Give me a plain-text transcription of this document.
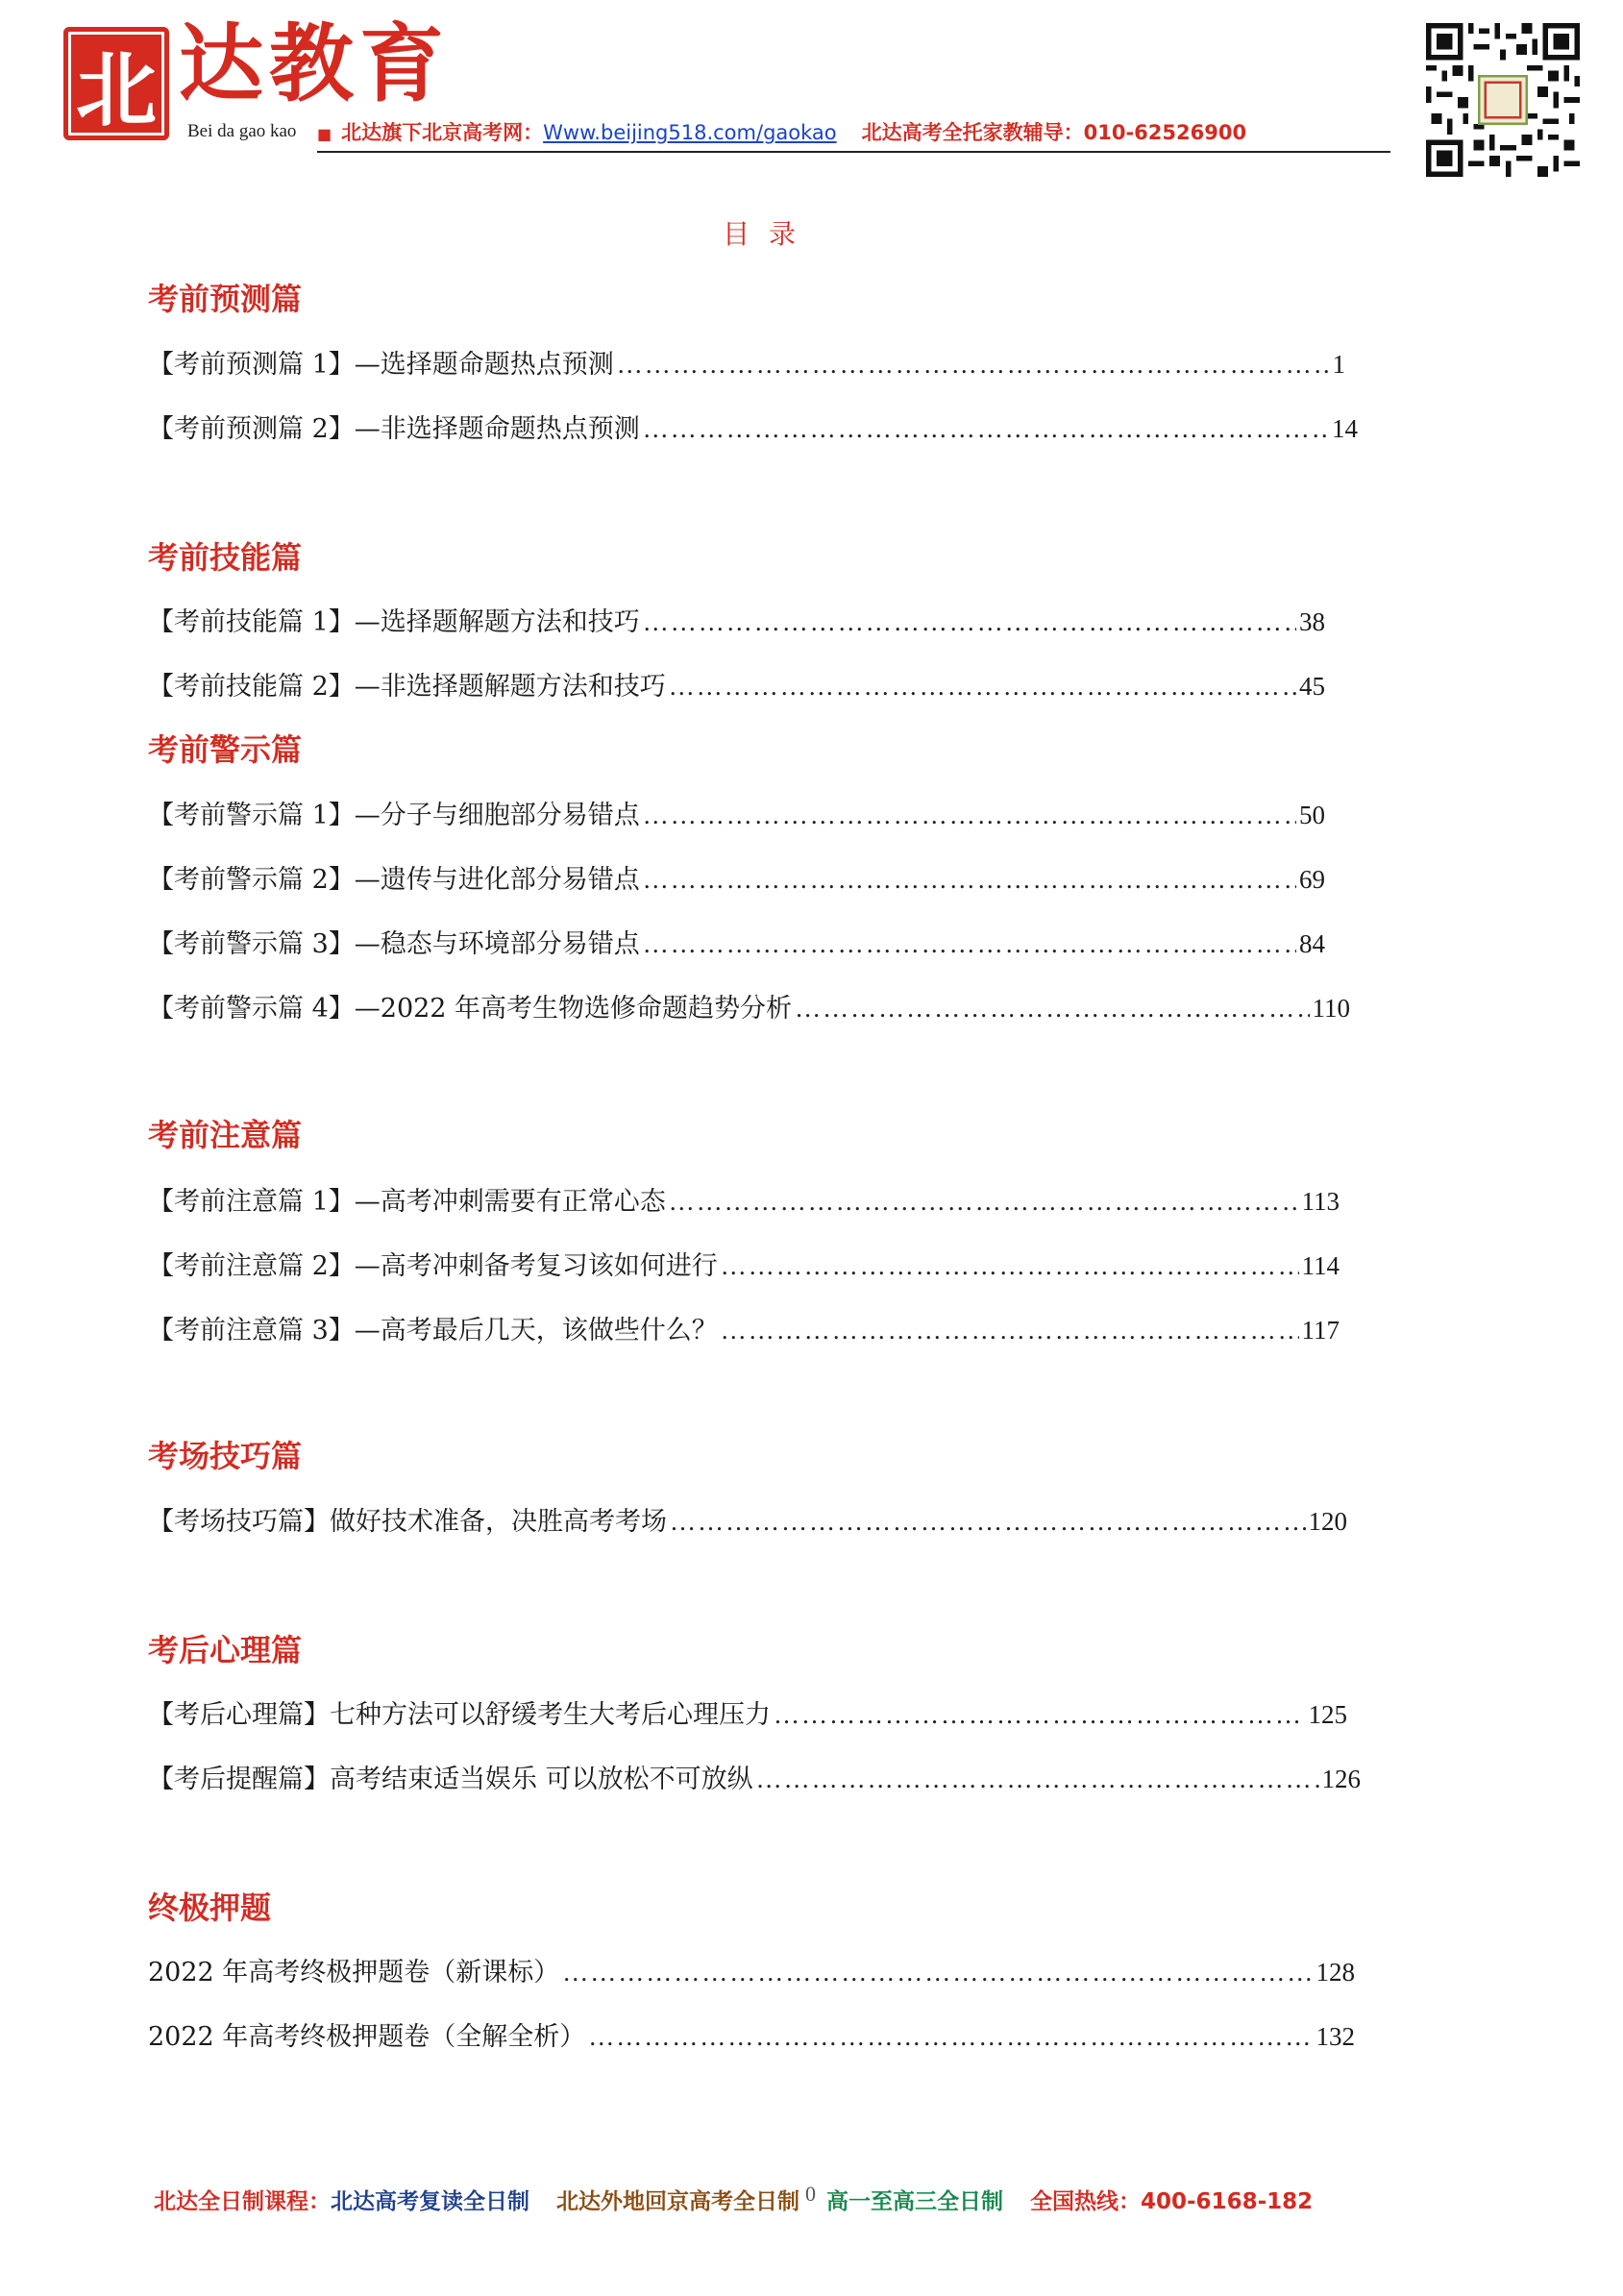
北 达教育
Bei da gao kao ■ 北达旗下北京高考网：Www.beijing518.com/gaokao 北达高考全托家教辅导：010-62526900
目录
考前预测篇
【考前预测篇 1】—选择题命题热点预测 ……………………………………………………………………………………………………………………………………………………………………………………………………	1
【考前预测篇 2】—非选择题命题热点预测 ……………………………………………………………………………………………………………………………………………………………………………………………………	14
考前技能篇
【考前技能篇 1】—选择题解题方法和技巧 ……………………………………………………………………………………………………………………………………………………………………………………………………	38
【考前技能篇 2】—非选择题解题方法和技巧 ……………………………………………………………………………………………………………………………………………………………………………………………………	45
考前警示篇
【考前警示篇 1】—分子与细胞部分易错点 ……………………………………………………………………………………………………………………………………………………………………………………………………	50
【考前警示篇 2】—遗传与进化部分易错点 ……………………………………………………………………………………………………………………………………………………………………………………………………	69
【考前警示篇 3】—稳态与环境部分易错点 ……………………………………………………………………………………………………………………………………………………………………………………………………	84
【考前警示篇 4】—2022 年高考生物选修命题趋势分析 ……………………………………………………………………………………………………………………………………………………………………………………………………	110
考前注意篇
【考前注意篇 1】—高考冲刺需要有正常心态 ……………………………………………………………………………………………………………………………………………………………………………………………………	113
【考前注意篇 2】—高考冲刺备考复习该如何进行 ……………………………………………………………………………………………………………………………………………………………………………………………………	114
【考前注意篇 3】—高考最后几天，该做些什么？ ……………………………………………………………………………………………………………………………………………………………………………………………………	117
考场技巧篇
【考场技巧篇】做好技术准备，决胜高考考场 ……………………………………………………………………………………………………………………………………………………………………………………………………	120
考后心理篇
【考后心理篇】七种方法可以舒缓考生大考后心理压力 ……………………………………………………………………………………………………………………………………………………………………………………………………	125
【考后提醒篇】高考结束适当娱乐 可以放松不可放纵 ……………………………………………………………………………………………………………………………………………………………………………………………………	126
终极押题
2022 年高考终极押题卷（新课标） ……………………………………………………………………………………………………………………………………………………………………………………………………	128
2022 年高考终极押题卷（全解全析） ……………………………………………………………………………………………………………………………………………………………………………………………………	132
0
北达全日制课程：北达高考复读全日制 北达外地回京高考全日制 高一至高三全日制 全国热线：400-6168-182
